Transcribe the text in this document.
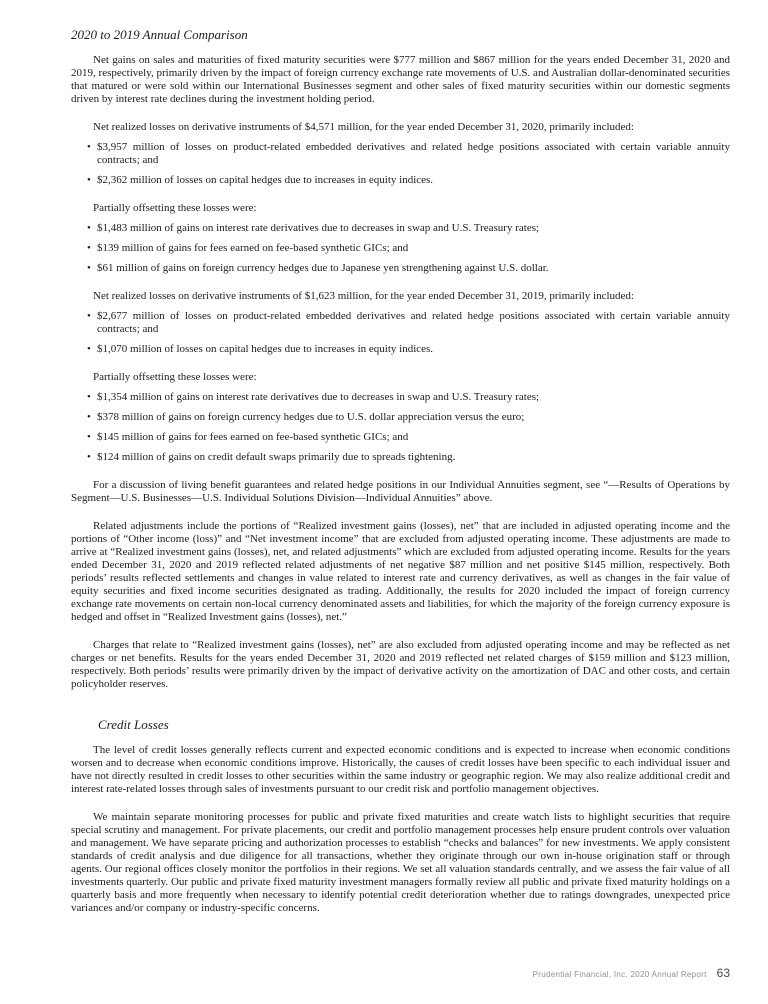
2020 to 2019 Annual Comparison

Net gains on sales and maturities of fixed maturity securities were $777 million and $867 million for the years ended December 31, 2020 and 2019, respectively, primarily driven by the impact of foreign currency exchange rate movements of U.S. and Australian dollar-denominated securities that matured or were sold within our International Businesses segment and other sales of fixed maturity securities within our domestic segments driven by interest rate declines during the investment holding period.

Net realized losses on derivative instruments of $4,571 million, for the year ended December 31, 2020, primarily included:

• $3,957 million of losses on product-related embedded derivatives and related hedge positions associated with certain variable annuity contracts; and
• $2,362 million of losses on capital hedges due to increases in equity indices.

Partially offsetting these losses were:

• $1,483 million of gains on interest rate derivatives due to decreases in swap and U.S. Treasury rates;
• $139 million of gains for fees earned on fee-based synthetic GICs; and
• $61 million of gains on foreign currency hedges due to Japanese yen strengthening against U.S. dollar.

Net realized losses on derivative instruments of $1,623 million, for the year ended December 31, 2019, primarily included:

• $2,677 million of losses on product-related embedded derivatives and related hedge positions associated with certain variable annuity contracts; and
• $1,070 million of losses on capital hedges due to increases in equity indices.

Partially offsetting these losses were:

• $1,354 million of gains on interest rate derivatives due to decreases in swap and U.S. Treasury rates;
• $378 million of gains on foreign currency hedges due to U.S. dollar appreciation versus the euro;
• $145 million of gains for fees earned on fee-based synthetic GICs; and
• $124 million of gains on credit default swaps primarily due to spreads tightening.

For a discussion of living benefit guarantees and related hedge positions in our Individual Annuities segment, see “—Results of Operations by Segment—U.S. Businesses—U.S. Individual Solutions Division—Individual Annuities” above.

Related adjustments include the portions of “Realized investment gains (losses), net” that are included in adjusted operating income and the portions of “Other income (loss)” and “Net investment income” that are excluded from adjusted operating income. These adjustments are made to arrive at “Realized investment gains (losses), net, and related adjustments” which are excluded from adjusted operating income. Results for the years ended December 31, 2020 and 2019 reflected related adjustments of net negative $87 million and net positive $145 million, respectively. Both periods’ results reflected settlements and changes in value related to interest rate and currency derivatives, as well as changes in the fair value of equity securities and fixed income securities designated as trading. Additionally, the results for 2020 included the impact of foreign currency exchange rate movements on certain non-local currency denominated assets and liabilities, for which the majority of the foreign currency exposure is hedged and offset in “Realized Investment gains (losses), net.”

Charges that relate to “Realized investment gains (losses), net” are also excluded from adjusted operating income and may be reflected as net charges or net benefits. Results for the years ended December 31, 2020 and 2019 reflected net related charges of $159 million and $123 million, respectively. Both periods’ results were primarily driven by the impact of derivative activity on the amortization of DAC and other costs, and certain policyholder reserves.

Credit Losses

The level of credit losses generally reflects current and expected economic conditions and is expected to increase when economic conditions worsen and to decrease when economic conditions improve. Historically, the causes of credit losses have been specific to each individual issuer and have not directly resulted in credit losses to other securities within the same industry or geographic region. We may also realize additional credit and interest rate-related losses through sales of investments pursuant to our credit risk and portfolio management objectives.

We maintain separate monitoring processes for public and private fixed maturities and create watch lists to highlight securities that require special scrutiny and management. For private placements, our credit and portfolio management processes help ensure prudent controls over valuation and management. We have separate pricing and authorization processes to establish “checks and balances” for new investments. We apply consistent standards of credit analysis and due diligence for all transactions, whether they originate through our own in-house origination staff or through agents. Our regional offices closely monitor the portfolios in their regions. We set all valuation standards centrally, and we assess the fair value of all investments quarterly. Our public and private fixed maturity investment managers formally review all public and private fixed maturity holdings on a quarterly basis and more frequently when necessary to identify potential credit deterioration whether due to ratings downgrades, unexpected price variances and/or company or industry-specific concerns.

Prudential Financial, Inc. 2020 Annual Report 63
